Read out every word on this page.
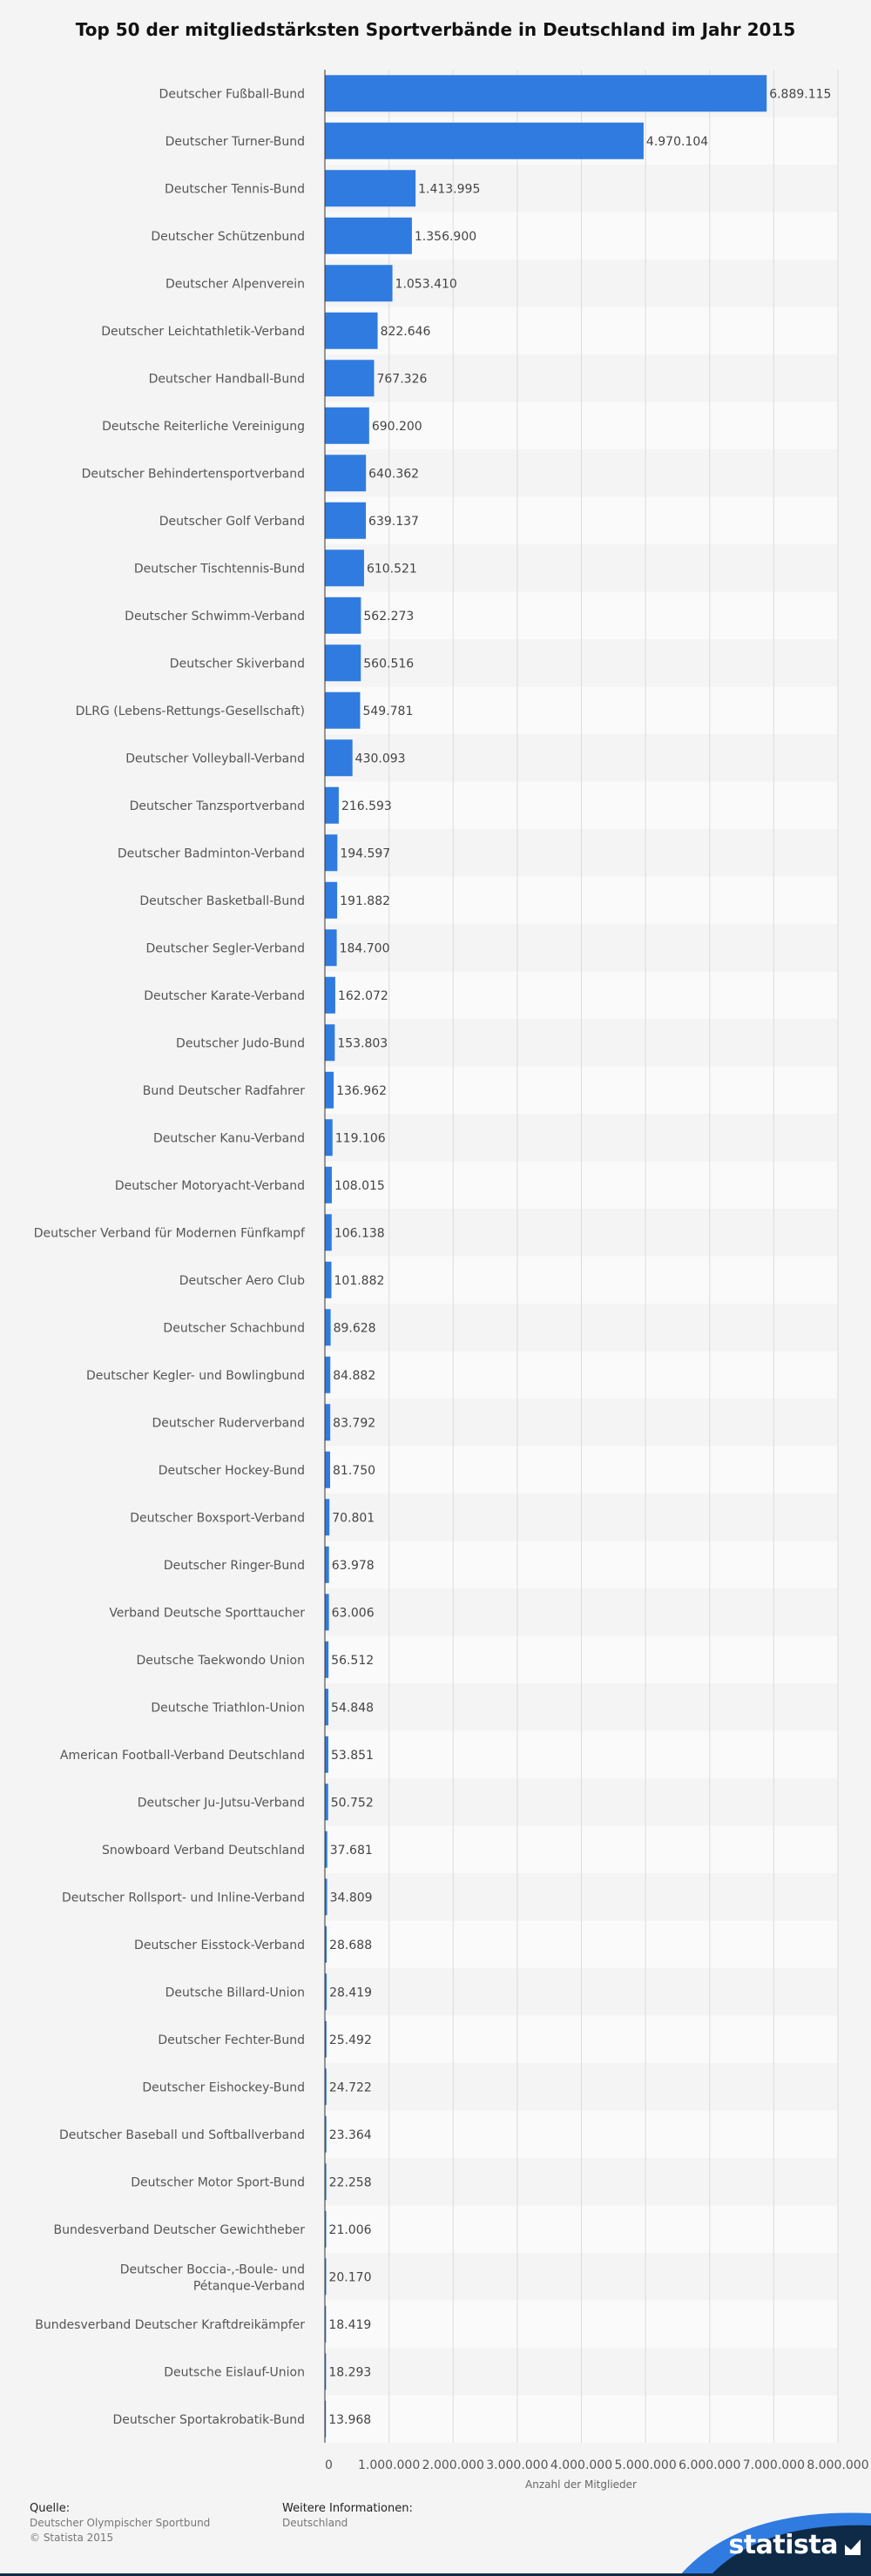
Top 50 der mitgliedstärksten Sportverbände in Deutschland im Jahr 2015
Deutscher Fußball-Bund
Deutscher Turner-Bund
Deutscher Tennis-Bund
Deutscher Schützenbund
Deutscher Alpenverein
Deutscher Leichtathletik-Verband
Deutscher Handball-Bund
Deutsche Reiterliche Vereinigung
Deutscher Behindertensportverband
Deutscher Golf Verband
Deutscher Tischtennis-Bund
Deutscher Schwimm-Verband
Deutscher Skiverband
DLRG (Lebens-Rettungs-Gesellschaft)
Deutscher Volleyball-Verband
Deutscher Tanzsportverband
Deutscher Badminton-Verband
Deutscher Basketball-Bund
Deutscher Segler-Verband
Deutscher Karate-Verband
Deutscher Judo-Bund
Bund Deutscher Radfahrer
Deutscher Kanu-Verband
Deutscher Motoryacht-Verband
Deutscher Verband für Modernen Fünfkampf
Deutscher Aero Club
Deutscher Schachbund
Deutscher Kegler- und Bowlingbund
Deutscher Ruderverband
Deutscher Hockey-Bund
Deutscher Boxsport-Verband
Deutscher Ringer-Bund
Verband Deutsche Sporttaucher
Deutsche Taekwondo Union
Deutsche Triathlon-Union
American Football-Verband Deutschland
Deutscher Ju-Jutsu-Verband
Snowboard Verband Deutschland
Deutscher Rollsport- und Inline-Verband
Deutscher Eisstock-Verband
Deutsche Billard-Union
Deutscher Fechter-Bund
Deutscher Eishockey-Bund
Deutscher Baseball und Softballverband
Deutscher Motor Sport-Bund
Bundesverband Deutscher Gewichtheber
Deutscher Boccia-,-Boule- und Pétanque-Verband
Bundesverband Deutscher Kraftdreikämpfer
Deutsche Eislauf-Union
Deutscher Sportakrobatik-Bund
6.889.115
4.970.104
1.413.995
1.356.900
1.053.410
822.646
767.326
690.200
640.362
639.137
610.521
562.273
560.516
549.781
430.093
216.593
194.597
191.882
184.700
162.072
153.803
136.962
119.106
108.015
106.138
101.882
89.628
84.882
83.792
81.750
70.801
63.978
63.006
56.512
54.848
53.851
50.752
37.681
34.809
28.688
28.419
25.492
24.722
23.364
22.258
21.006
20.170
18.419
18.293
13.968
0 1.000.000 2.000.000 3.000.000 4.000.000 5.000.000 6.000.000 7.000.000 8.000.000
Anzahl der Mitglieder
Quelle:
Deutscher Olympischer Sportbund
© Statista 2015
Weitere Informationen:
Deutschland
statista
